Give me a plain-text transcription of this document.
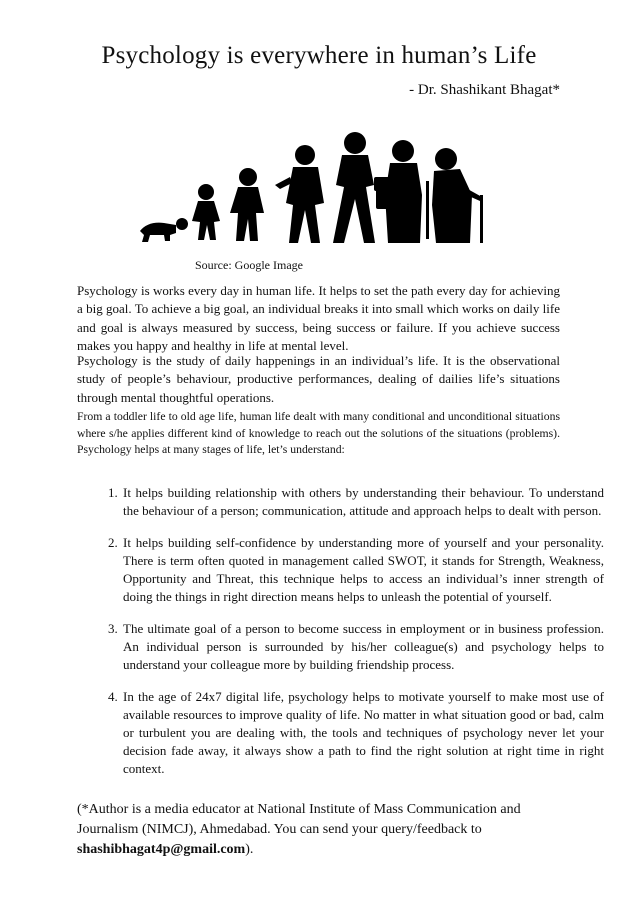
Psychology is everywhere in human’s Life
- Dr. Shashikant Bhagat*
Source: Google Image

Psychology is works every day in human life. It helps to set the path every day for achieving a big goal. To achieve a big goal, an individual breaks it into small which works on daily life and goal is always measured by success, being success or failure. If you achieve success makes you happy and healthy in life at mental level.

Psychology is the study of daily happenings in an individual’s life. It is the observational study of people’s behaviour, productive performances, dealing of dailies life’s situations through mental thoughtful operations.

From a toddler life to old age life, human life dealt with many conditional and unconditional situations where s/he applies different kind of knowledge to reach out the solutions of the situations (problems). Psychology helps at many stages of life, let’s understand:

1. It helps building relationship with others by understanding their behaviour. To understand the behaviour of a person; communication, attitude and approach helps to dealt with person.
2. It helps building self-confidence by understanding more of yourself and your personality. There is term often quoted in management called SWOT, it stands for Strength, Weakness, Opportunity and Threat, this technique helps to access an individual’s inner strength of doing the things in right direction means helps to unleash the potential of yourself.
3. The ultimate goal of a person to become success in employment or in business profession. An individual person is surrounded by his/her colleague(s) and psychology helps to understand your colleague more by building friendship process.
4. In the age of 24x7 digital life, psychology helps to motivate yourself to make most use of available resources to improve quality of life. No matter in what situation good or bad, calm or turbulent you are dealing with, the tools and techniques of psychology never let your decision fade away, it always show a path to find the right solution at right time in right context.

(*Author is a media educator at National Institute of Mass Communication and Journalism (NIMCJ), Ahmedabad. You can send your query/feedback to shashibhagat4p@gmail.com).
